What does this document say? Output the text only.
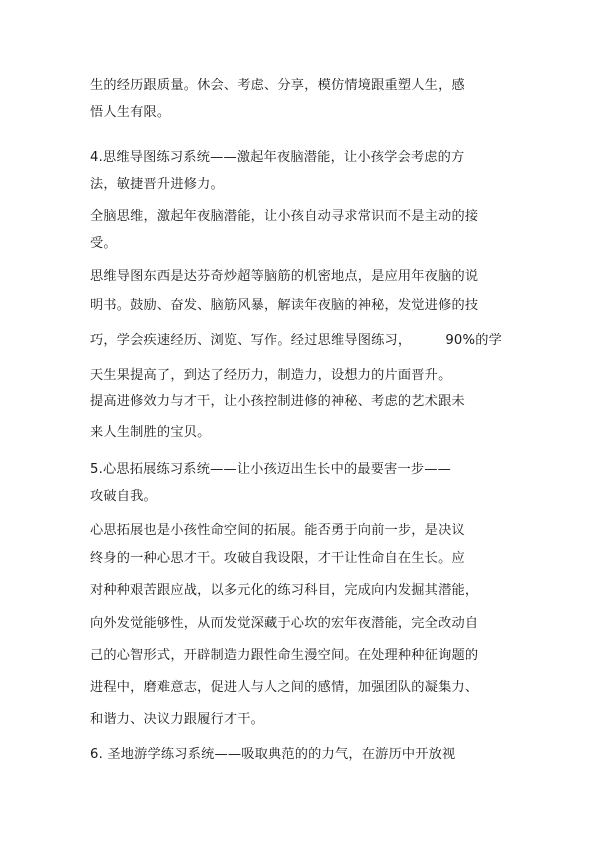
生的经历跟质量。休会、考虑、分享，模仿情境跟重塑人生，感
悟人生有限。
4.思维导图练习系统——激起年夜脑潜能，让小孩学会考虑的方
法，敏捷晋升进修力。
全脑思维，激起年夜脑潜能，让小孩自动寻求常识而不是主动的接
受。
思维导图东西是达芬奇炒超等脑筋的机密地点，是应用年夜脑的说
明书。鼓励、奋发、脑筋风暴，解读年夜脑的神秘，发觉进修的技
巧，学会疾速经历、浏览、写作。经过思维导图练习，	90%的学
天生果提高了，到达了经历力，制造力，设想力的片面晋升。
提高进修效力与才干，让小孩控制进修的神秘、考虑的艺术跟未
来人生制胜的宝贝。
5.心思拓展练习系统——让小孩迈出生长中的最要害一步——
攻破自我。
心思拓展也是小孩性命空间的拓展。能否勇于向前一步，是决议
终身的一种心思才干。攻破自我设限，才干让性命自在生长。应
对种种艰苦跟应战，以多元化的练习科目，完成向内发掘其潜能，
向外发觉能够性，从而发觉深藏于心坎的宏年夜潜能，完全改动自
己的心智形式，开辟制造力跟性命生漫空间。在处理种种征询题的
进程中，磨难意志，促进人与人之间的感情，加强团队的凝集力、
和谐力、决议力跟履行才干。
6. 圣地游学练习系统——吸取典范的的力气，在游历中开放视
